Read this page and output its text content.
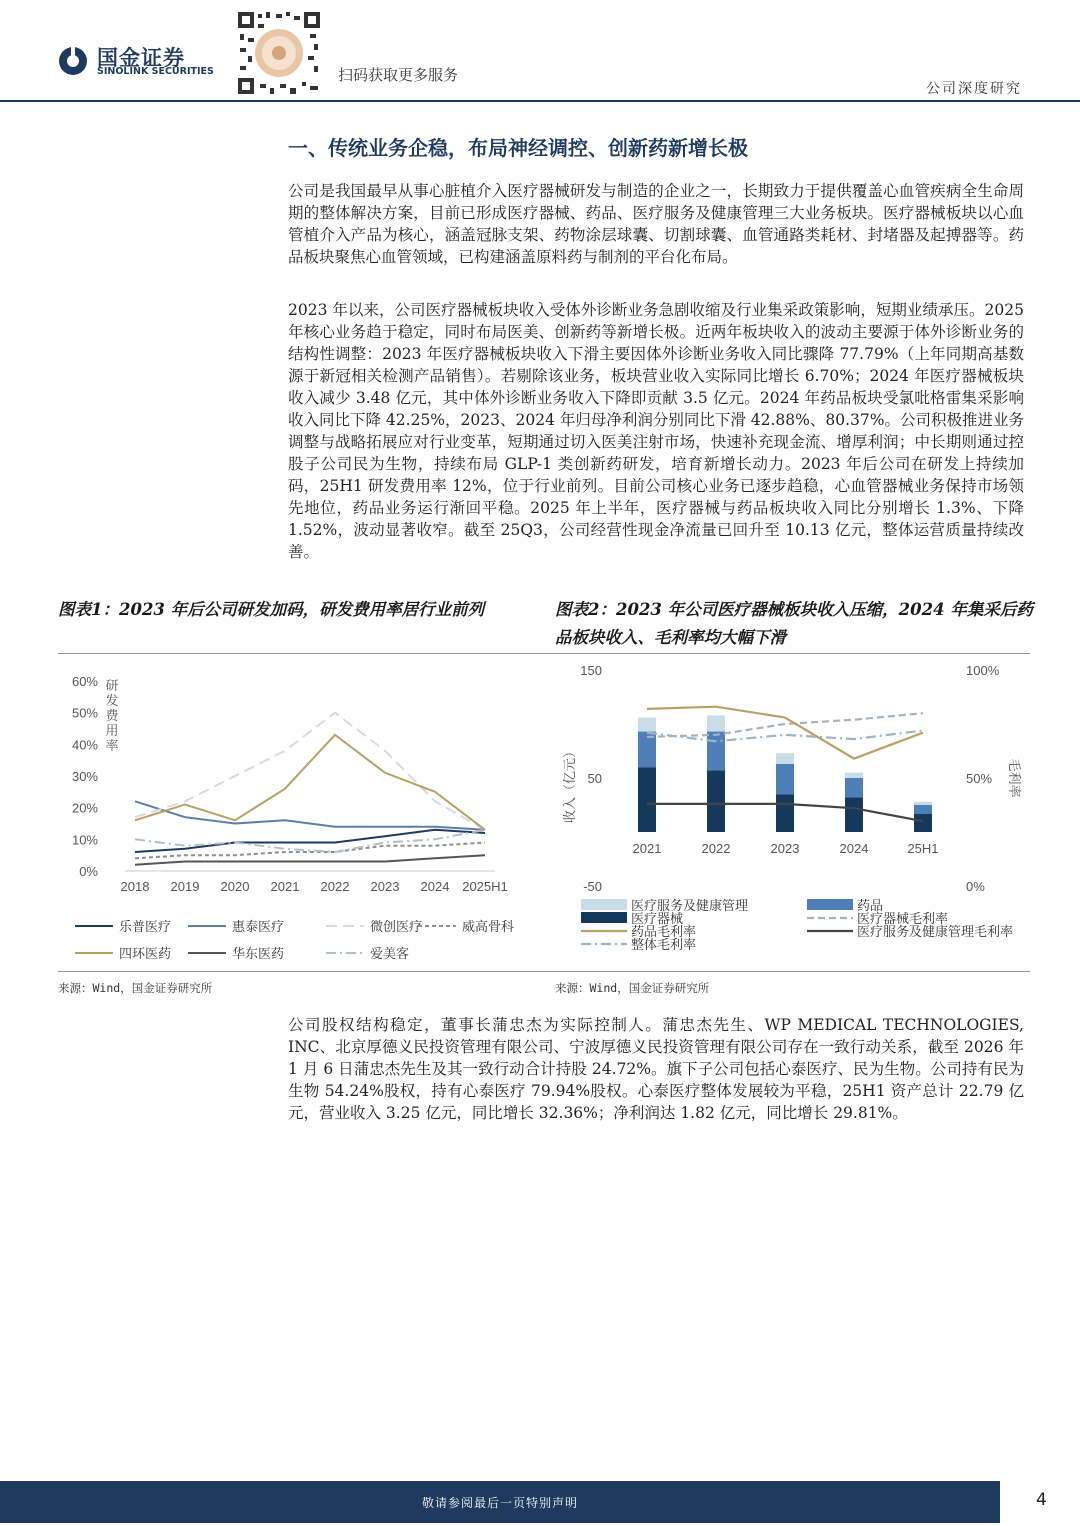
国金证券
SINOLINK SECURITIES	扫码获取更多服务
公司深度研究
一、传统业务企稳，布局神经调控、创新药新增长极

公司是我国最早从事心脏植介入医疗器械研发与制造的企业之一，长期致力于提供覆盖心血管疾病全生命周期的整体解决方案，目前已形成医疗器械、药品、医疗服务及健康管理三大业务板块。医疗器械板块以心血管植介入产品为核心，涵盖冠脉支架、药物涂层球囊、切割球囊、血管通路类耗材、封堵器及起搏器等。药品板块聚焦心血管领域，已构建涵盖原料药与制剂的平台化布局。

2023 年以来，公司医疗器械板块收入受体外诊断业务急剧收缩及行业集采政策影响，短期业绩承压。2025 年核心业务趋于稳定，同时布局医美、创新药等新增长极。近两年板块收入的波动主要源于体外诊断业务的结构性调整：2023 年医疗器械板块收入下滑主要因体外诊断业务收入同比骤降 77.79%（上年同期高基数源于新冠相关检测产品销售）。若剔除该业务，板块营业收入实际同比增长 6.70%；2024 年医疗器械板块收入减少 3.48 亿元，其中体外诊断业务收入下降即贡献 3.5 亿元。2024 年药品板块受氯吡格雷集采影响收入同比下降 42.25%，2023、2024 年归母净利润分别同比下滑 42.88%、80.37%。公司积极推进业务调整与战略拓展应对行业变革，短期通过切入医美注射市场，快速补充现金流、增厚利润；中长期则通过控股子公司民为生物，持续布局 GLP-1 类创新药研发，培育新增长动力。2023 年后公司在研发上持续加码，25H1 研发费用率 12%，位于行业前列。目前公司核心业务已逐步趋稳，心血管器械业务保持市场领先地位，药品业务运行渐回平稳。2025 年上半年，医疗器械与药品板块收入同比分别增长 1.3%、下降 1.52%，波动显著收窄。截至 25Q3，公司经营性现金净流量已回升至 10.13 亿元，整体运营质量持续改善。

图表1：2023 年后公司研发加码，研发费用率居行业前列	图表2：2023 年公司医疗器械板块收入压缩，2024 年集采后药品板块收入、毛利率均大幅下滑
60%
50%
40%
30%
20%
10%
0%
2018 2019 2020 2021 2022 2023 2024 2025H1
乐普医疗	惠泰医疗	微创医疗	威高骨科
四环医药	华东医药	爱美客
研
发
费
用
率
150
50
-50
100%
50%
0%
2021	2022	2023	2024	25H1
医疗服务及健康管理	药品
医疗器械	医疗器械毛利率
药品毛利率	医疗服务及健康管理毛利率
整体毛利率
收入（亿元）	毛利率
来源：Wind，国金证券研究所	来源：Wind，国金证券研究所

公司股权结构稳定，董事长蒲忠杰为实际控制人。蒲忠杰先生、WP MEDICAL TECHNOLOGIES, INC、北京厚德义民投资管理有限公司、宁波厚德义民投资管理有限公司存在一致行动关系，截至 2026 年 1 月 6 日蒲忠杰先生及其一致行动合计持股 24.72%。旗下子公司包括心泰医疗、民为生物。公司持有民为生物 54.24%股权，持有心泰医疗 79.94%股权。心泰医疗整体发展较为平稳，25H1 资产总计 22.79 亿元，营业收入 3.25 亿元，同比增长 32.36%；净利润达 1.82 亿元，同比增长 29.81%。

敬请参阅最后一页特别声明	4
